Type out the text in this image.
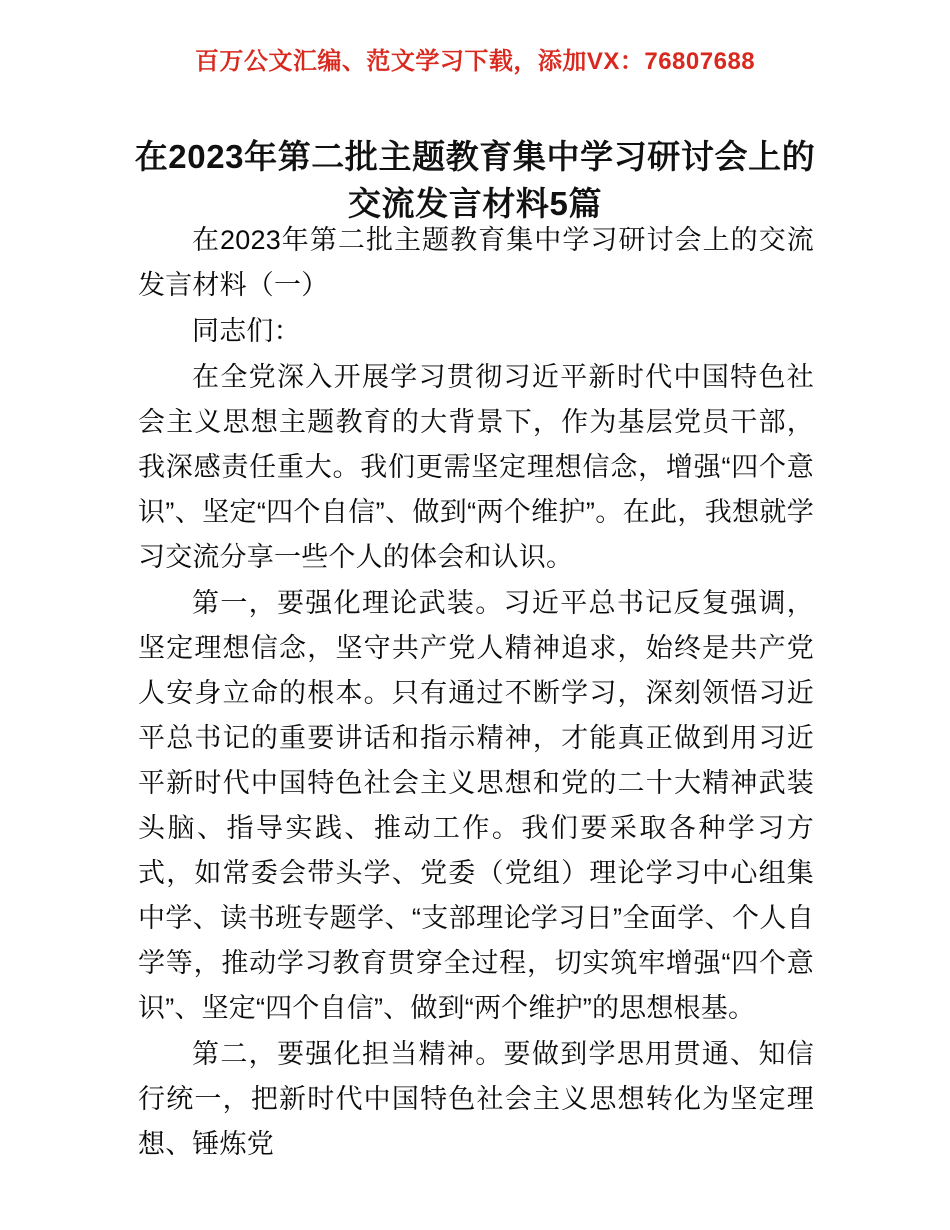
百万公文汇编、范文学习下载，添加VX：76807688
在2023年第二批主题教育集中学习研讨会上的交流发言材料5篇

在2023年第二批主题教育集中学习研讨会上的交流发言材料（一）

同志们：

在全党深入开展学习贯彻习近平新时代中国特色社会主义思想主题教育的大背景下，作为基层党员干部，我深感责任重大。我们更需坚定理想信念，增强“四个意识”、坚定“四个自信”、做到“两个维护”。在此，我想就学习交流分享一些个人的体会和认识。

第一，要强化理论武装。习近平总书记反复强调，坚定理想信念，坚守共产党人精神追求，始终是共产党人安身立命的根本。只有通过不断学习，深刻领悟习近平总书记的重要讲话和指示精神，才能真正做到用习近平新时代中国特色社会主义思想和党的二十大精神武装头脑、指导实践、推动工作。我们要采取各种学习方式，如常委会带头学、党委（党组）理论学习中心组集中学、读书班专题学、“支部理论学习日”全面学、个人自学等，推动学习教育贯穿全过程，切实筑牢增强“四个意识”、坚定“四个自信”、做到“两个维护”的思想根基。

第二，要强化担当精神。要做到学思用贯通、知信行统一，把新时代中国特色社会主义思想转化为坚定理想、锤炼党
